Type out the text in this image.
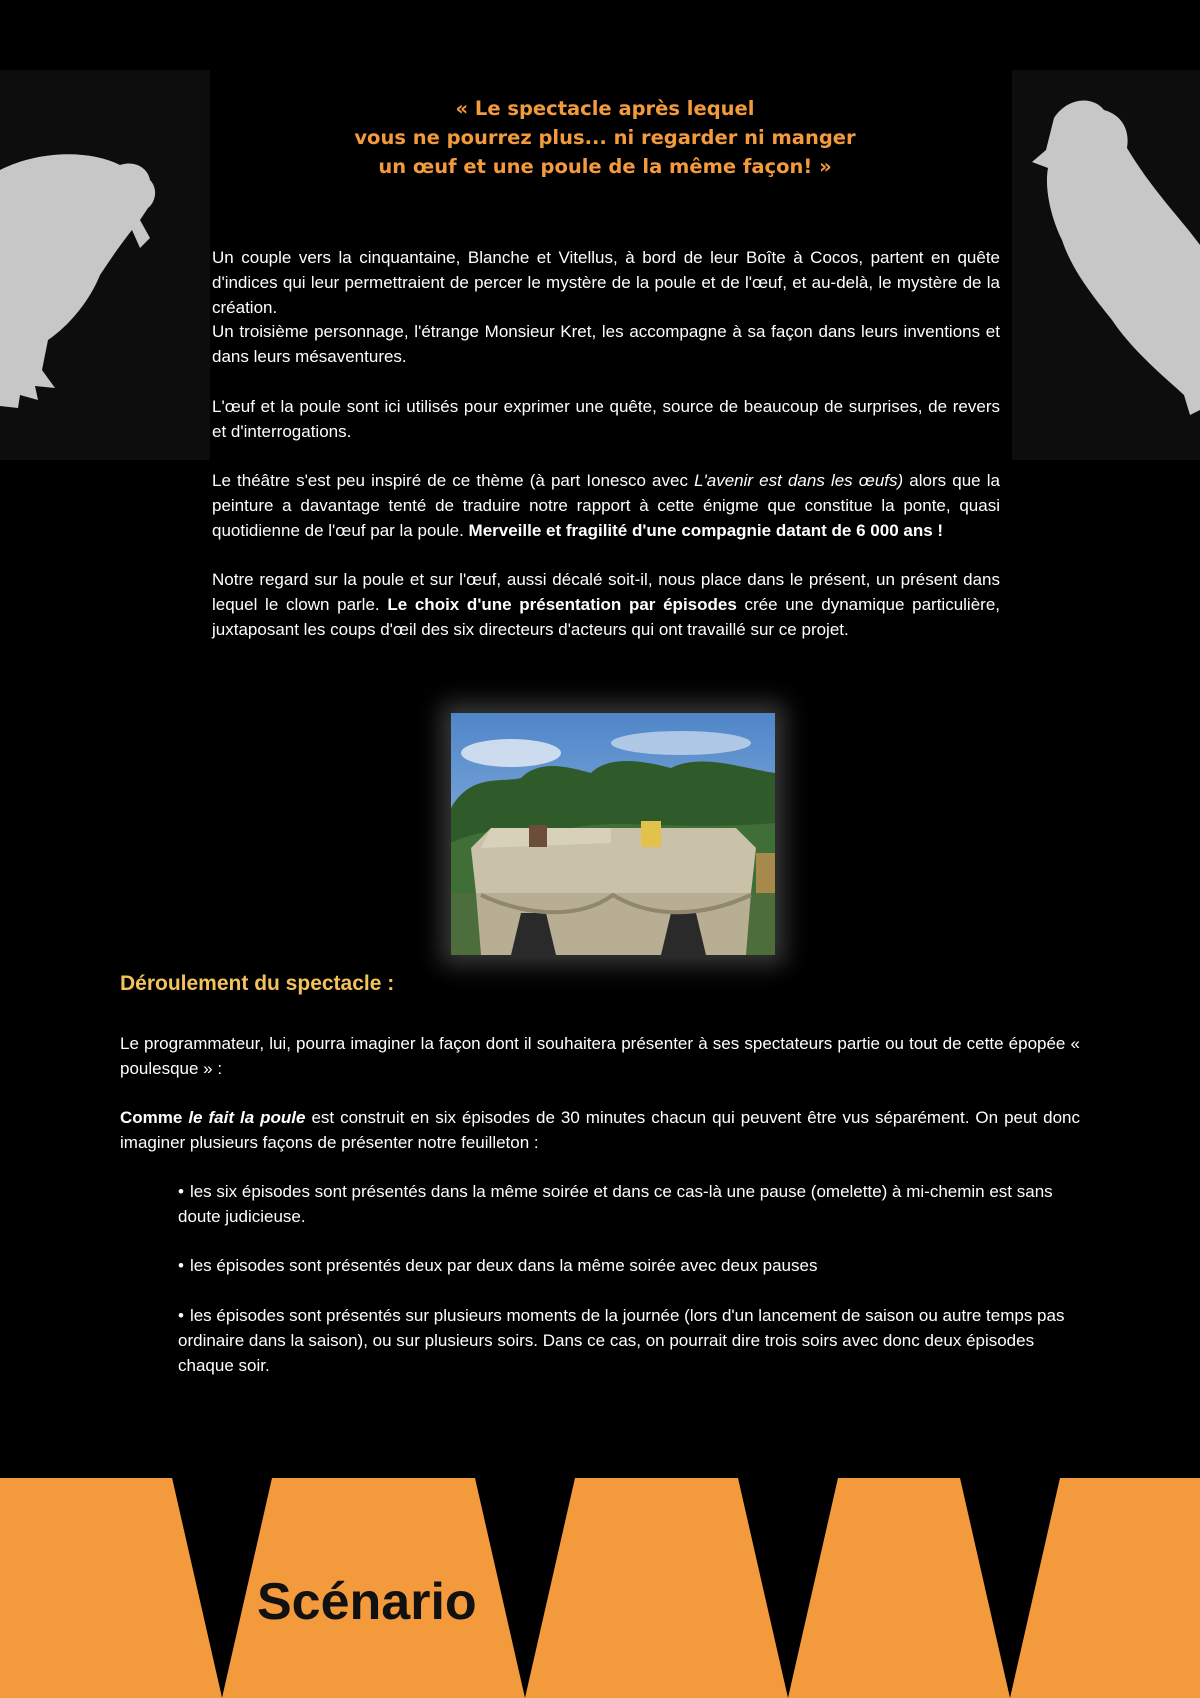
« Le spectacle après lequel
vous ne pourrez plus... ni regarder ni manger
un œuf et une poule de la même façon! »

Un couple vers la cinquantaine, Blanche et Vitellus, à bord de leur Boîte à Cocos, partent en quête d'indices qui leur permettraient de percer le mystère de la poule et de l'œuf, et au-delà, le mystère de la création.

Un troisième personnage, l'étrange Monsieur Kret, les accompagne à sa façon dans leurs inventions et dans leurs mésaventures.

L'œuf et la poule sont ici utilisés pour exprimer une quête, source de beaucoup de surprises, de revers et d'interrogations.

Le théâtre s'est peu inspiré de ce thème (à part Ionesco avec L'avenir est dans les œufs) alors que la peinture a davantage tenté de traduire notre rapport à cette énigme que constitue la ponte, quasi quotidienne de l'œuf par la poule. Merveille et fragilité d'une compagnie datant de 6 000 ans !

Notre regard sur la poule et sur l'œuf, aussi décalé soit-il, nous place dans le présent, un présent dans lequel le clown parle. Le choix d'une présentation par épisodes crée une dynamique particulière, juxtaposant les coups d'œil des six directeurs d'acteurs qui ont travaillé sur ce projet.

Déroulement du spectacle :

Le programmateur, lui, pourra imaginer la façon dont il souhaitera présenter à ses spectateurs partie ou tout de cette épopée « poulesque » :

Comme le fait la poule est construit en six épisodes de 30 minutes chacun qui peuvent être vus séparément. On peut donc imaginer plusieurs façons de présenter notre feuilleton :

• les six épisodes sont présentés dans la même soirée et dans ce cas-là une pause (omelette) à mi-chemin est sans doute judicieuse.

• les épisodes sont présentés deux par deux dans la même soirée avec deux pauses

• les épisodes sont présentés sur plusieurs moments de la journée (lors d'un lancement de saison ou autre temps pas ordinaire dans la saison), ou sur plusieurs soirs. Dans ce cas, on pourrait dire trois soirs avec donc deux épisodes chaque soir.

Scénario
